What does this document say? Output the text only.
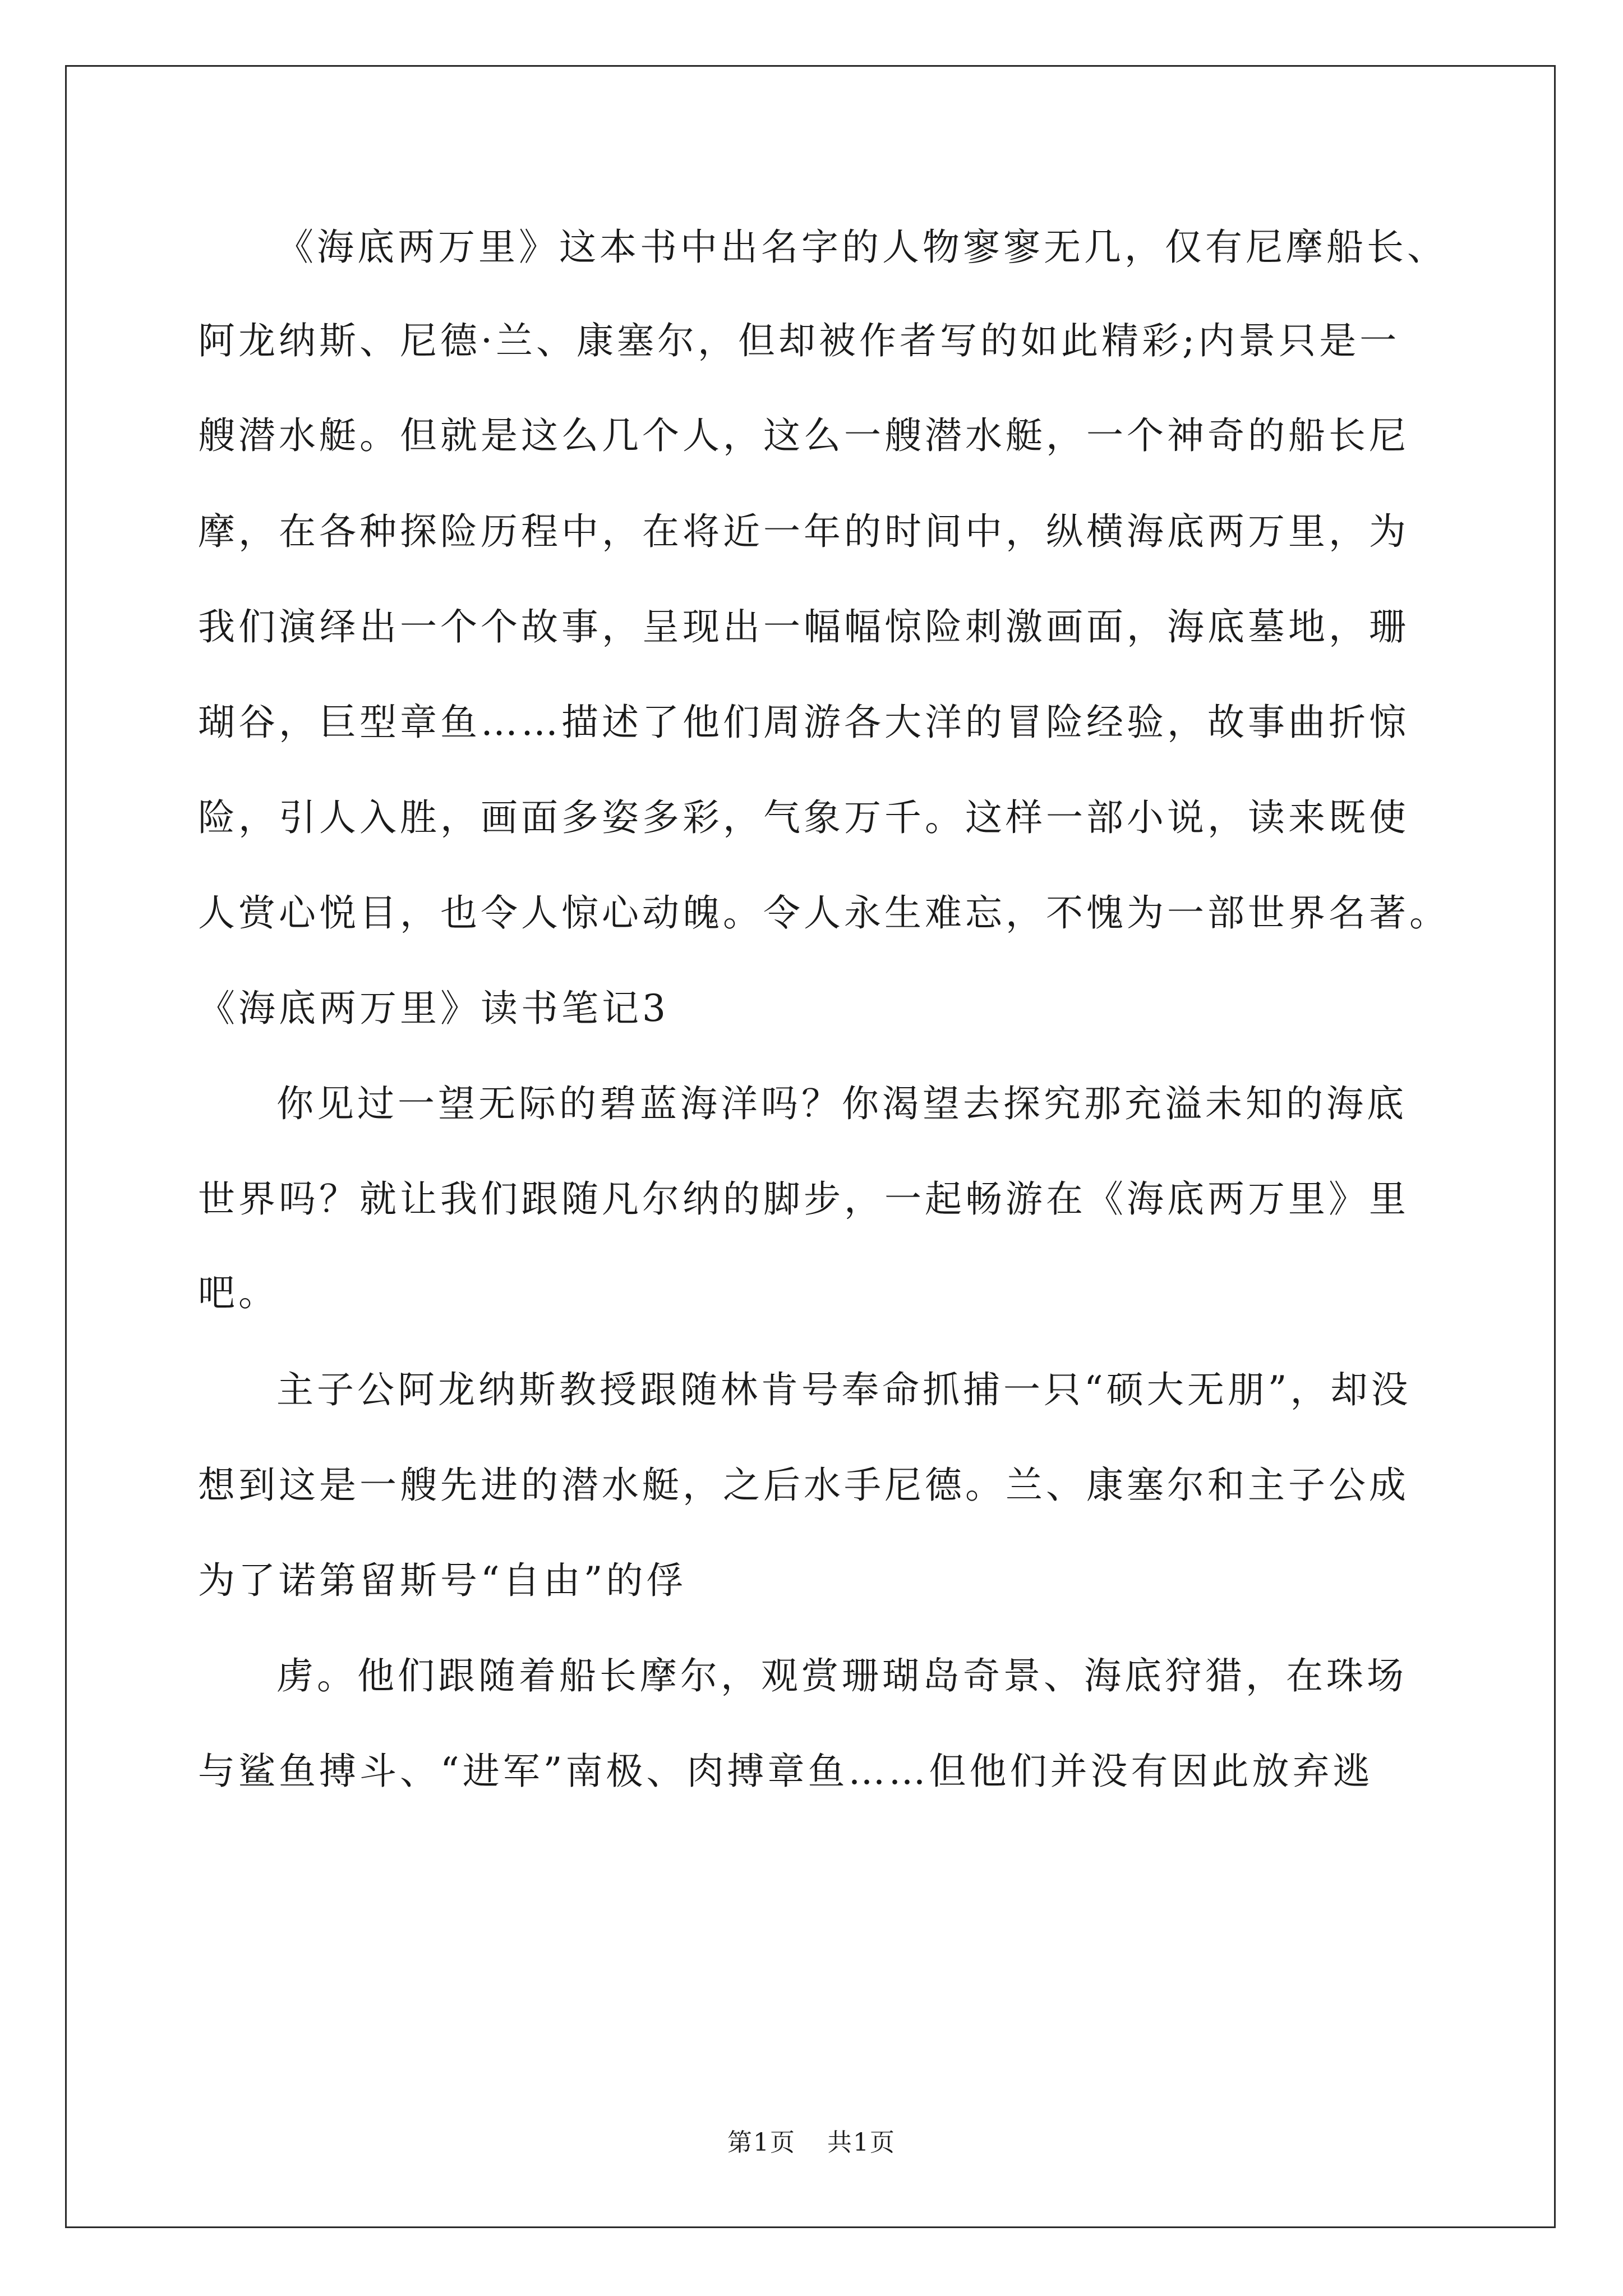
《海底两万里》这本书中出名字的人物寥寥无几，仅有尼摩船长、
阿龙纳斯、尼德·兰、康塞尔，但却被作者写的如此精彩;内景只是一
艘潜水艇。但就是这么几个人，这么一艘潜水艇，一个神奇的船长尼
摩，在各种探险历程中，在将近一年的时间中，纵横海底两万里，为
我们演绎出一个个故事，呈现出一幅幅惊险刺激画面，海底墓地，珊
瑚谷，巨型章鱼……描述了他们周游各大洋的冒险经验，故事曲折惊
险，引人入胜，画面多姿多彩，气象万千。这样一部小说，读来既使
人赏心悦目，也令人惊心动魄。令人永生难忘，不愧为一部世界名著。
《海底两万里》读书笔记3
你见过一望无际的碧蓝海洋吗？你渴望去探究那充溢未知的海底
世界吗？就让我们跟随凡尔纳的脚步，一起畅游在《海底两万里》里
吧。
主子公阿龙纳斯教授跟随林肯号奉命抓捕一只“硕大无朋”，却没
想到这是一艘先进的潜水艇，之后水手尼德。兰、康塞尔和主子公成
为了诺第留斯号“自由”的俘
虏。他们跟随着船长摩尔，观赏珊瑚岛奇景、海底狩猎，在珠场
与鲨鱼搏斗、“进军”南极、肉搏章鱼……但他们并没有因此放弃逃
第1页 共1页
